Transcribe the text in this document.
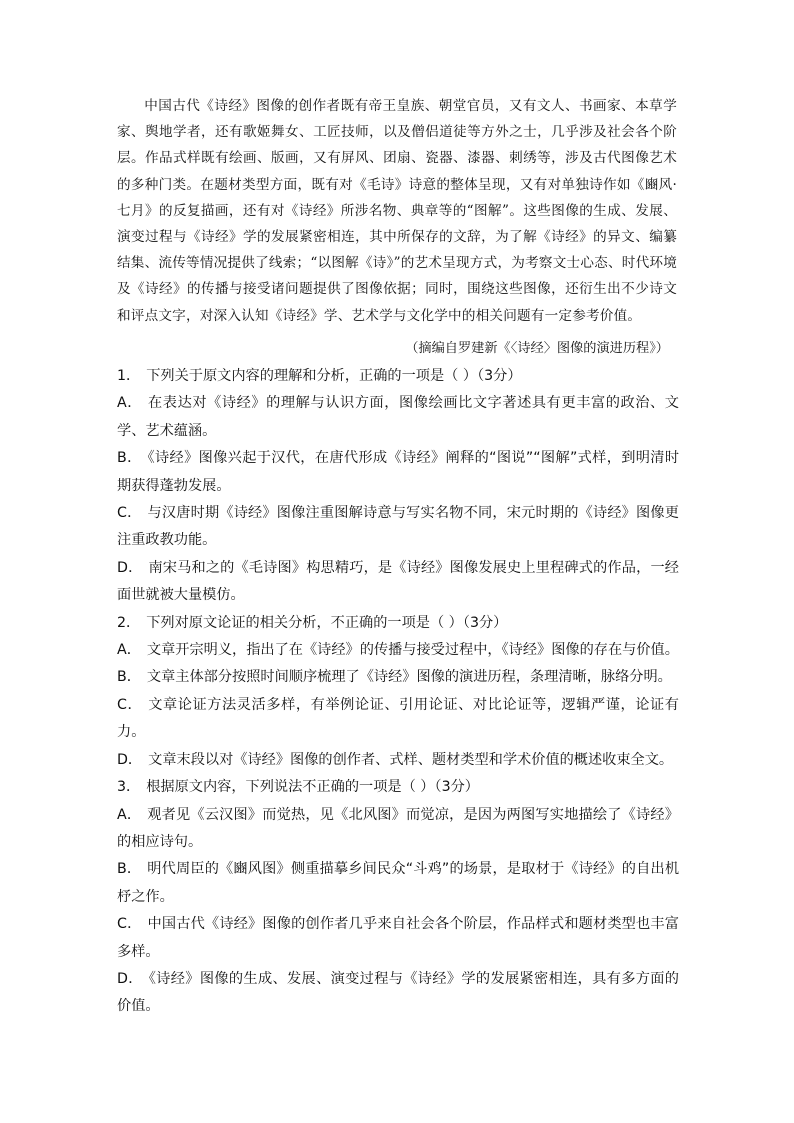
中国古代《诗经》图像的创作者既有帝王皇族、朝堂官员，又有文人、书画家、本草学家、舆地学者，还有歌姬舞女、工匠技师，以及僧侣道徒等方外之士，几乎涉及社会各个阶层。作品式样既有绘画、版画，又有屏风、团扇、瓷器、漆器、刺绣等，涉及古代图像艺术的多种门类。在题材类型方面，既有对《毛诗》诗意的整体呈现，又有对单独诗作如《豳风·七月》的反复描画，还有对《诗经》所涉名物、典章等的“图解”。这些图像的生成、发展、演变过程与《诗经》学的发展紧密相连，其中所保存的文辞，为了解《诗经》的异文、编纂结集、流传等情况提供了线索；“以图解《诗》”的艺术呈现方式，为考察文士心态、时代环境及《诗经》的传播与接受诸问题提供了图像依据；同时，围绕这些图像，还衍生出不少诗文和评点文字，对深入认知《诗经》学、艺术学与文化学中的相关问题有一定参考价值。

（摘编自罗建新《〈诗经〉图像的演进历程》）

1． 下列关于原文内容的理解和分析，正确的一项是（ ）（3分）

A． 在表达对《诗经》的理解与认识方面，图像绘画比文字著述具有更丰富的政治、文学、艺术蕴涵。

B． 《诗经》图像兴起于汉代，在唐代形成《诗经》阐释的“图说”“图解”式样，到明清时期获得蓬勃发展。

C． 与汉唐时期《诗经》图像注重图解诗意与写实名物不同，宋元时期的《诗经》图像更注重政教功能。

D． 南宋马和之的《毛诗图》构思精巧，是《诗经》图像发展史上里程碑式的作品，一经面世就被大量模仿。

2． 下列对原文论证的相关分析，不正确的一项是（ ）（3分）

A． 文章开宗明义，指出了在《诗经》的传播与接受过程中，《诗经》图像的存在与价值。

B． 文章主体部分按照时间顺序梳理了《诗经》图像的演进历程，条理清晰，脉络分明。

C． 文章论证方法灵活多样，有举例论证、引用论证、对比论证等，逻辑严谨，论证有力。

D． 文章末段以对《诗经》图像的创作者、式样、题材类型和学术价值的概述收束全文。

3． 根据原文内容，下列说法不正确的一项是（ ）（3分）

A． 观者见《云汉图》而觉热，见《北风图》而觉凉，是因为两图写实地描绘了《诗经》的相应诗句。

B． 明代周臣的《豳风图》侧重描摹乡间民众“斗鸡”的场景，是取材于《诗经》的自出机杼之作。

C． 中国古代《诗经》图像的创作者几乎来自社会各个阶层，作品样式和题材类型也丰富多样。

D． 《诗经》图像的生成、发展、演变过程与《诗经》学的发展紧密相连，具有多方面的价值。
